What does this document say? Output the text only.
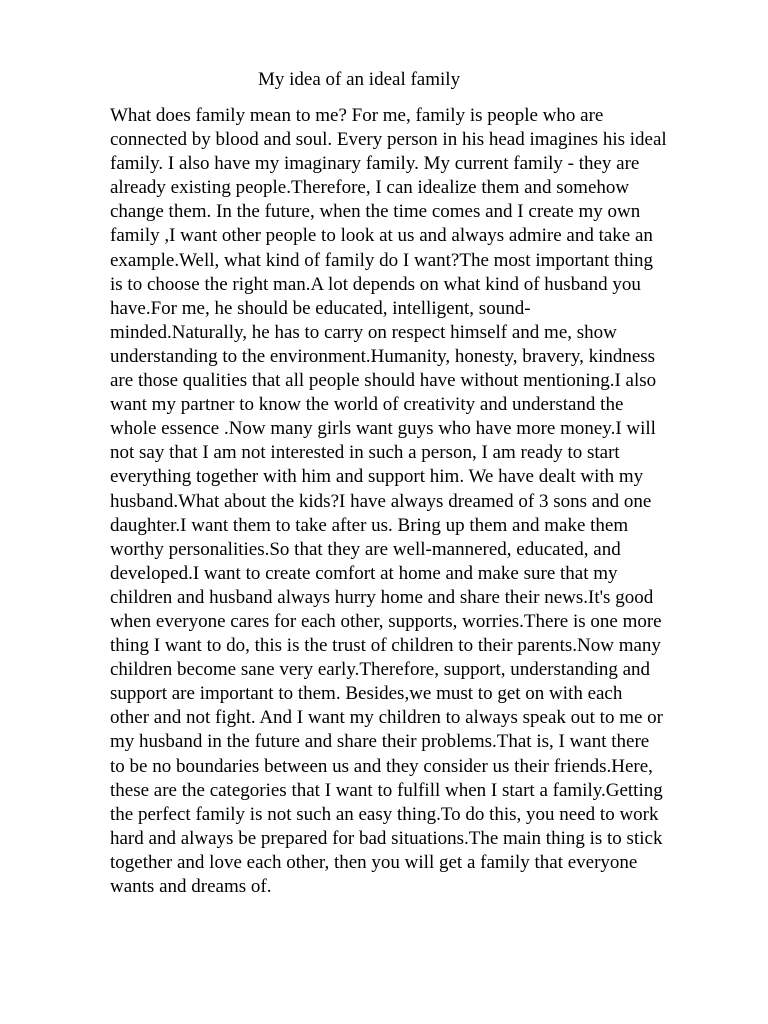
My idea of an ideal family
What does family mean to me? For me, family is people who are
connected by blood and soul. Every person in his head imagines his ideal
family. I also have my imaginary family. My current family - they are
already existing people.Therefore, I can idealize them and somehow
change them. In the future, when the time comes and I create my own
family ,I want other people to look at us and always admire and take an
example.Well, what kind of family do I want?The most important thing
is to choose the right man.A lot depends on what kind of husband you
have.For me, he should be educated, intelligent, sound-
minded.Naturally, he has to carry on respect himself and me, show
understanding to the environment.Humanity, honesty, bravery, kindness
are those qualities that all people should have without mentioning.I also
want my partner to know the world of creativity and understand the
whole essence .Now many girls want guys who have more money.I will
not say that I am not interested in such a person, I am ready to start
everything together with him and support him. We have dealt with my
husband.What about the kids?I have always dreamed of 3 sons and one
daughter.I want them to take after us. Bring up them and make them
worthy personalities.So that they are well-mannered, educated, and
developed.I want to create comfort at home and make sure that my
children and husband always hurry home and share their news.It's good
when everyone cares for each other, supports, worries.There is one more
thing I want to do, this is the trust of children to their parents.Now many
children become sane very early.Therefore, support, understanding and
support are important to them. Besides,we must to get on with each
other and not fight. And I want my children to always speak out to me or
my husband in the future and share their problems.That is, I want there
to be no boundaries between us and they consider us their friends.Here,
these are the categories that I want to fulfill when I start a family.Getting
the perfect family is not such an easy thing.To do this, you need to work
hard and always be prepared for bad situations.The main thing is to stick
together and love each other, then you will get a family that everyone
wants and dreams of.
